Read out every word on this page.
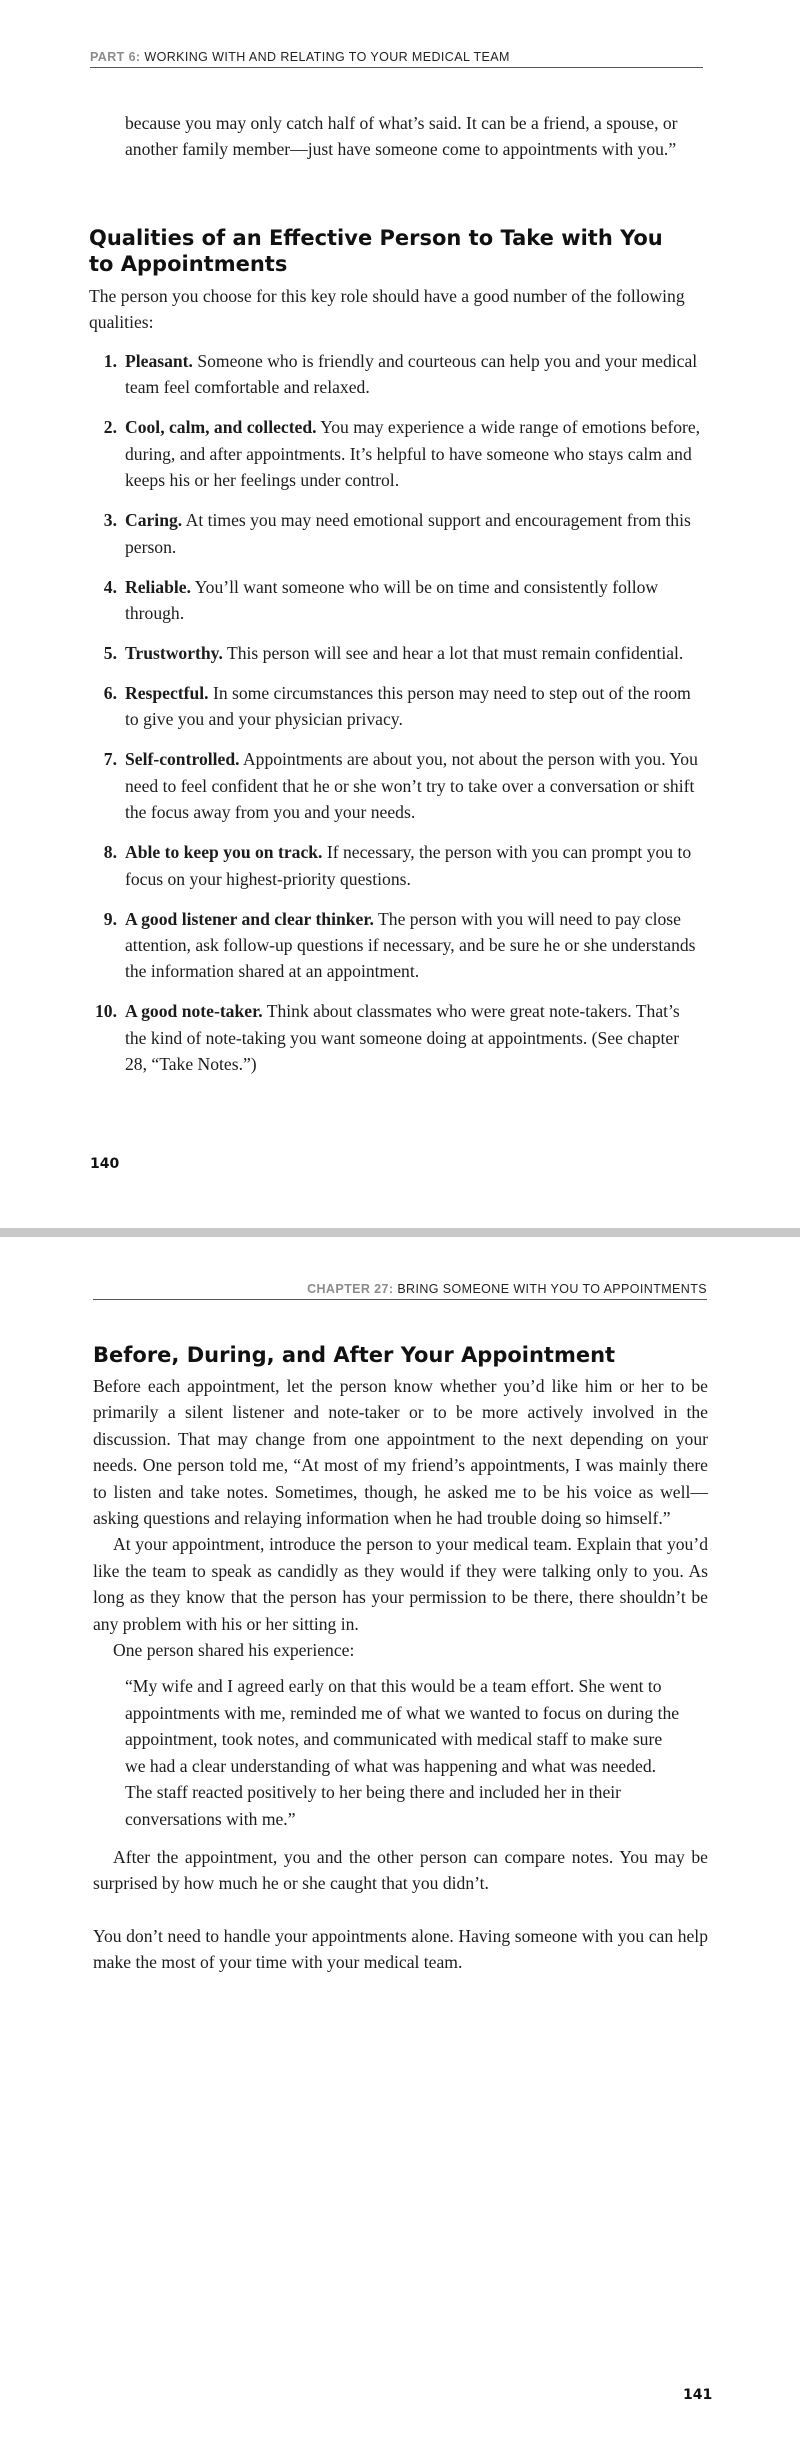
PART 6: WORKING WITH AND RELATING TO YOUR MEDICAL TEAM

because you may only catch half of what’s said. It can be a friend, a spouse, or another family member—just have someone come to appointments with you.”

Qualities of an Effective Person to Take with You to Appointments

The person you choose for this key role should have a good number of the following qualities:

1. Pleasant. Someone who is friendly and courteous can help you and your medical team feel comfortable and relaxed.
2. Cool, calm, and collected. You may experience a wide range of emotions before, during, and after appointments. It’s helpful to have someone who stays calm and keeps his or her feelings under control.
3. Caring. At times you may need emotional support and encouragement from this person.
4. Reliable. You’ll want someone who will be on time and consistently follow through.
5. Trustworthy. This person will see and hear a lot that must remain confidential.
6. Respectful. In some circumstances this person may need to step out of the room to give you and your physician privacy.
7. Self-controlled. Appointments are about you, not about the person with you. You need to feel confident that he or she won’t try to take over a conversation or shift the focus away from you and your needs.
8. Able to keep you on track. If necessary, the person with you can prompt you to focus on your highest-priority questions.
9. A good listener and clear thinker. The person with you will need to pay close attention, ask follow-up questions if necessary, and be sure he or she understands the information shared at an appointment.
10. A good note-taker. Think about classmates who were great note-takers. That’s the kind of note-taking you want someone doing at appointments. (See chapter 28, “Take Notes.”)
140
CHAPTER 27: BRING SOMEONE WITH YOU TO APPOINTMENTS
Before, During, and After Your Appointment

Before each appointment, let the person know whether you’d like him or her to be primarily a silent listener and note-taker or to be more actively involved in the discussion. That may change from one appointment to the next depending on your needs. One person told me, “At most of my friend’s appointments, I was mainly there to listen and take notes. Sometimes, though, he asked me to be his voice as well—asking questions and relaying information when he had trouble doing so himself.”

At your appointment, introduce the person to your medical team. Explain that you’d like the team to speak as candidly as they would if they were talking only to you. As long as they know that the person has your permission to be there, there shouldn’t be any problem with his or her sitting in.

One person shared his experience:

“My wife and I agreed early on that this would be a team effort. She went to appointments with me, reminded me of what we wanted to focus on during the appointment, took notes, and communicated with medical staff to make sure we had a clear understanding of what was happening and what was needed. The staff reacted positively to her being there and included her in their conversations with me.”

After the appointment, you and the other person can compare notes. You may be surprised by how much he or she caught that you didn’t.

You don’t need to handle your appointments alone. Having someone with you can help make the most of your time with your medical team.

141
